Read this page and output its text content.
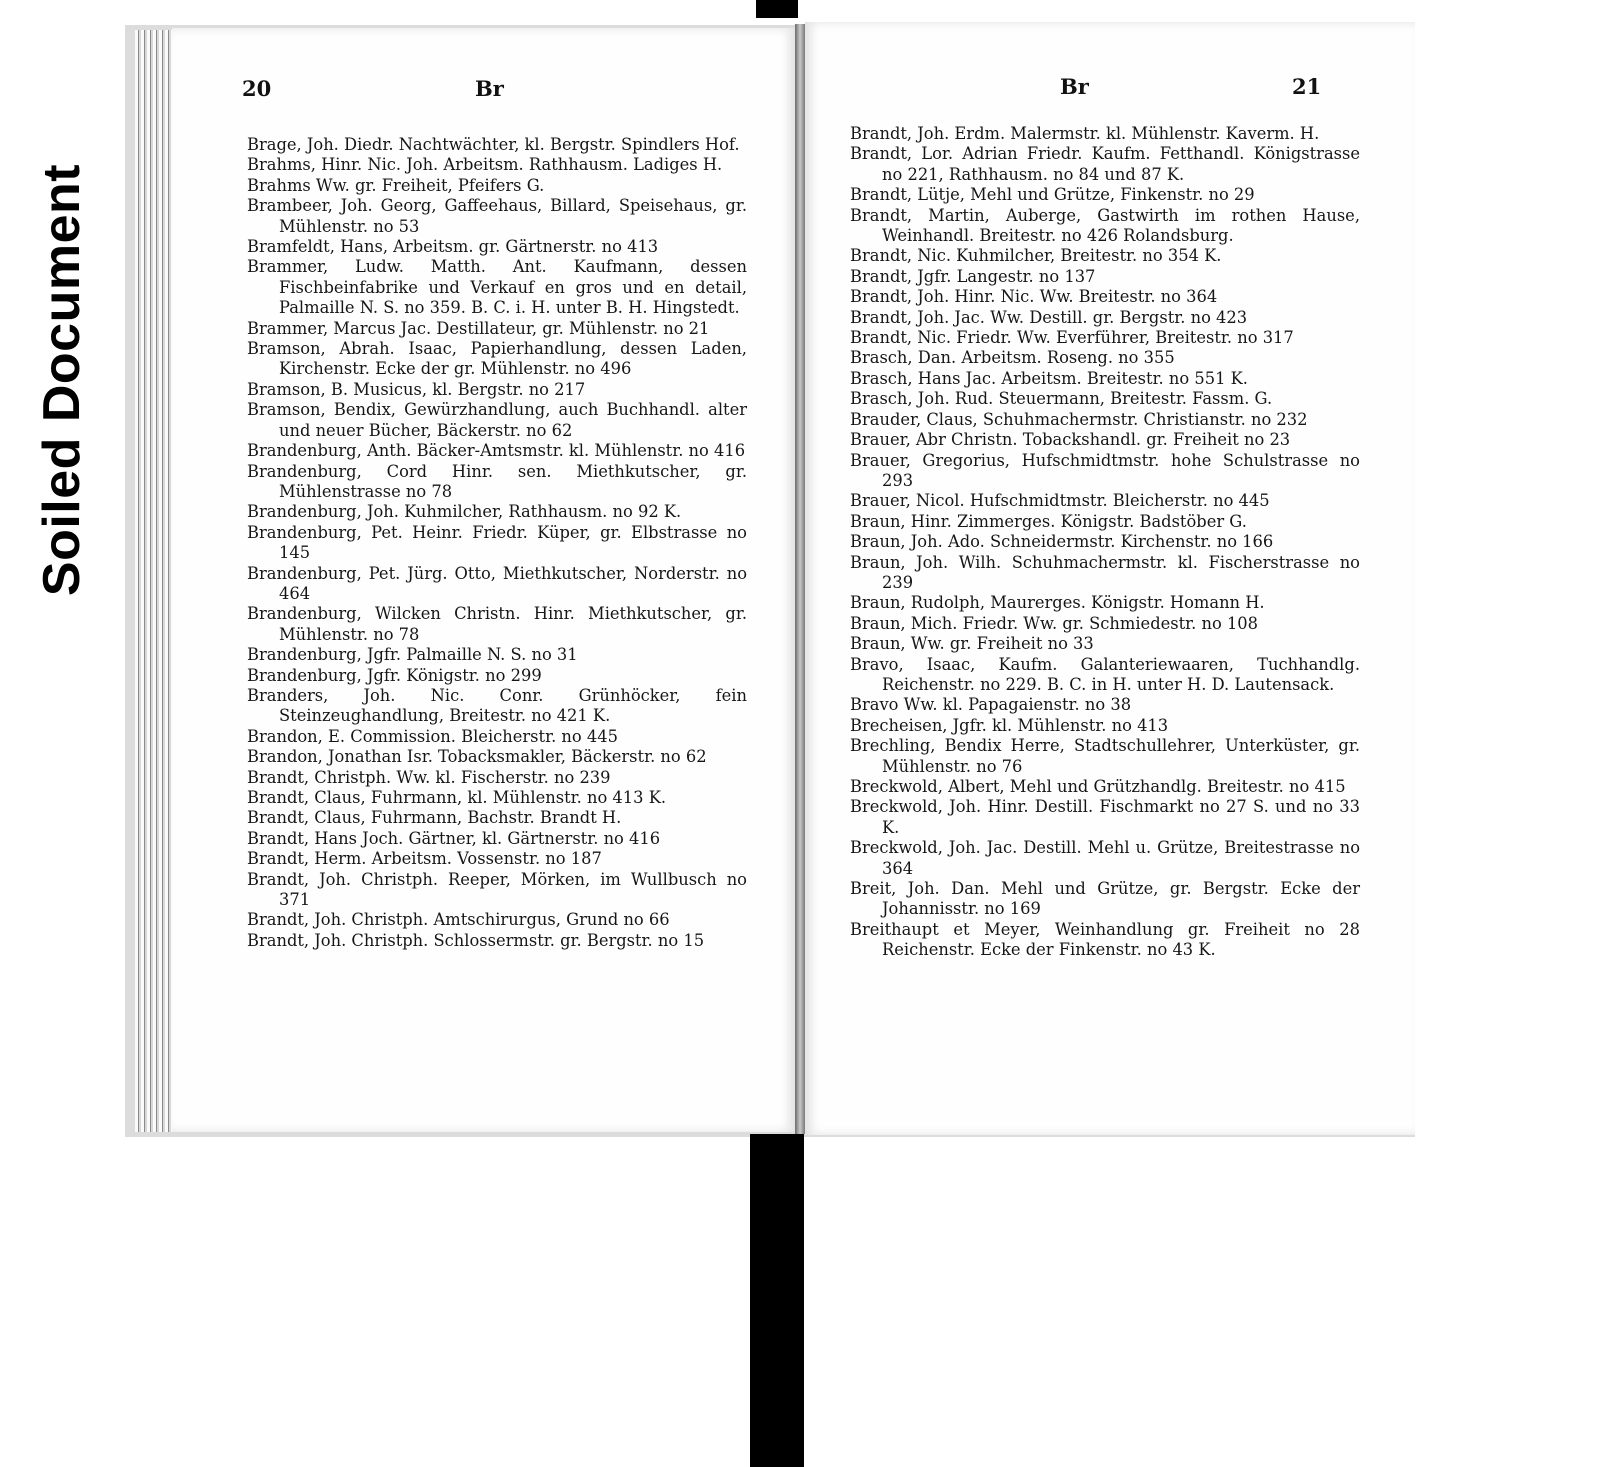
Soiled Document

20	Br

Brage, Joh. Diedr. Nachtwächter, kl. Bergstr. Spindlers Hof.
Brahms, Hinr. Nic. Joh. Arbeitsm. Rathhausm. Ladiges H.
Brahms Ww. gr. Freiheit, Pfeifers G.
Brambeer, Joh. Georg, Gaffeehaus, Billard, Speisehaus, gr. Mühlenstr. no 53
Bramfeldt, Hans, Arbeitsm. gr. Gärtnerstr. no 413
Brammer, Ludw. Matth. Ant. Kaufmann, dessen Fischbeinfabrike und Verkauf en gros und en detail, Palmaille N. S. no 359. B. C. i. H. unter B. H. Hingstedt.
Brammer, Marcus Jac. Destillateur, gr. Mühlenstr. no 21
Bramson, Abrah. Isaac, Papierhandlung, dessen Laden, Kirchenstr. Ecke der gr. Mühlenstr. no 496
Bramson, B. Musicus, kl. Bergstr. no 217
Bramson, Bendix, Gewürzhandlung, auch Buchhandl. alter und neuer Bücher, Bäckerstr. no 62
Brandenburg, Anth. Bäcker-Amtsmstr. kl. Mühlenstr. no 416
Brandenburg, Cord Hinr. sen. Miethkutscher, gr. Mühlenstrasse no 78
Brandenburg, Joh. Kuhmilcher, Rathhausm. no 92 K.
Brandenburg, Pet. Heinr. Friedr. Küper, gr. Elbstrasse no 145
Brandenburg, Pet. Jürg. Otto, Miethkutscher, Norderstr. no 464
Brandenburg, Wilcken Christn. Hinr. Miethkutscher, gr. Mühlenstr. no 78
Brandenburg, Jgfr. Palmaille N. S. no 31
Brandenburg, Jgfr. Königstr. no 299
Branders, Joh. Nic. Conr. Grünhöcker, fein Steinzeughandlung, Breitestr. no 421 K.
Brandon, E. Commission. Bleicherstr. no 445
Brandon, Jonathan Isr. Tobacksmakler, Bäckerstr. no 62
Brandt, Christph. Ww. kl. Fischerstr. no 239
Brandt, Claus, Fuhrmann, kl. Mühlenstr. no 413 K.
Brandt, Claus, Fuhrmann, Bachstr. Brandt H.
Brandt, Hans Joch. Gärtner, kl. Gärtnerstr. no 416
Brandt, Herm. Arbeitsm. Vossenstr. no 187
Brandt, Joh. Christph. Reeper, Mörken, im Wullbusch no 371
Brandt, Joh. Christph. Amtschirurgus, Grund no 66
Brandt, Joh. Christph. Schlossermstr. gr. Bergstr. no 15

Br	21

Brandt, Joh. Erdm. Malermstr. kl. Mühlenstr. Kaverm. H.
Brandt, Lor. Adrian Friedr. Kaufm. Fetthandl. Königstrasse no 221, Rathhausm. no 84 und 87 K.
Brandt, Lütje, Mehl und Grütze, Finkenstr. no 29
Brandt, Martin, Auberge, Gastwirth im rothen Hause, Weinhandl. Breitestr. no 426 Rolandsburg.
Brandt, Nic. Kuhmilcher, Breitestr. no 354 K.
Brandt, Jgfr. Langestr. no 137
Brandt, Joh. Hinr. Nic. Ww. Breitestr. no 364
Brandt, Joh. Jac. Ww. Destill. gr. Bergstr. no 423
Brandt, Nic. Friedr. Ww. Everführer, Breitestr. no 317
Brasch, Dan. Arbeitsm. Roseng. no 355
Brasch, Hans Jac. Arbeitsm. Breitestr. no 551 K.
Brasch, Joh. Rud. Steuermann, Breitestr. Fassm. G.
Brauder, Claus, Schuhmachermstr. Christianstr. no 232
Brauer, Abr Christn. Tobackshandl. gr. Freiheit no 23
Brauer, Gregorius, Hufschmidtmstr. hohe Schulstrasse no 293
Brauer, Nicol. Hufschmidtmstr. Bleicherstr. no 445
Braun, Hinr. Zimmerges. Königstr. Badstöber G.
Braun, Joh. Ado. Schneidermstr. Kirchenstr. no 166
Braun, Joh. Wilh. Schuhmachermstr. kl. Fischerstrasse no 239
Braun, Rudolph, Maurerges. Königstr. Homann H.
Braun, Mich. Friedr. Ww. gr. Schmiedestr. no 108
Braun, Ww. gr. Freiheit no 33
Bravo, Isaac, Kaufm. Galanteriewaaren, Tuchhandlg. Reichenstr. no 229. B. C. in H. unter H. D. Lautensack.
Bravo Ww. kl. Papagaienstr. no 38
Brecheisen, Jgfr. kl. Mühlenstr. no 413
Brechling, Bendix Herre, Stadtschullehrer, Unterküster, gr. Mühlenstr. no 76
Breckwold, Albert, Mehl und Grützhandlg. Breitestr. no 415
Breckwold, Joh. Hinr. Destill. Fischmarkt no 27 S. und no 33 K.
Breckwold, Joh. Jac. Destill. Mehl u. Grütze, Breitestrasse no 364
Breit, Joh. Dan. Mehl und Grütze, gr. Bergstr. Ecke der Johannisstr. no 169
Breithaupt et Meyer, Weinhandlung gr. Freiheit no 28 Reichenstr. Ecke der Finkenstr. no 43 K.
